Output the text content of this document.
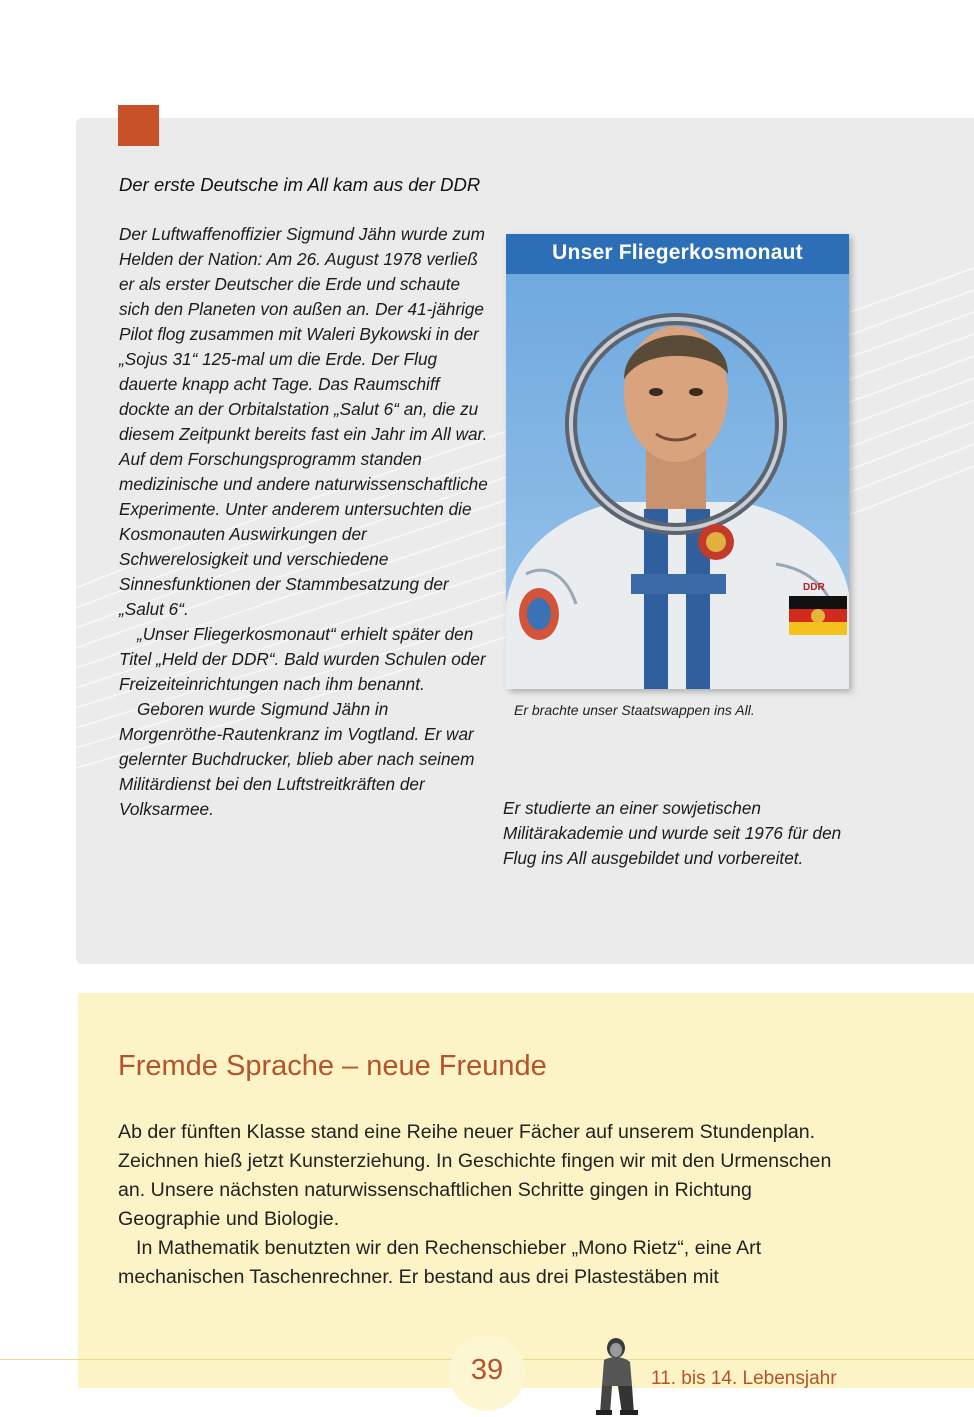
Der erste Deutsche im All kam aus der DDR

Der Luftwaffenoffizier Sigmund Jähn wurde zum Helden der Nation: Am 26. August 1978 verließ er als erster Deutscher die Erde und schaute sich den Planeten von außen an. Der 41-jährige Pilot flog zusammen mit Waleri Bykowski in der „Sojus 31“ 125-mal um die Erde. Der Flug dauerte knapp acht Tage. Das Raumschiff dockte an der Orbitalstation „Salut 6“ an, die zu diesem Zeitpunkt bereits fast ein Jahr im All war. Auf dem Forschungsprogramm standen medizinische und andere naturwissenschaftliche Experimente. Unter anderem untersuchten die Kosmonauten Auswirkungen der Schwerelosigkeit und verschiedene Sinnesfunktionen der Stammbesatzung der „Salut 6“.

„Unser Fliegerkosmonaut“ erhielt später den Titel „Held der DDR“. Bald wurden Schulen oder Freizeiteinrichtungen nach ihm benannt.

Geboren wurde Sigmund Jähn in Morgenröthe-Rautenkranz im Vogtland. Er war gelernter Buchdrucker, blieb aber nach seinem Militärdienst bei den Luftstreitkräften der Volksarmee.

Unser Fliegerkosmonaut
DDR

Er brachte unser Staatswappen ins All.

Er studierte an einer sowjetischen Militärakademie und wurde seit 1976 für den Flug ins All ausgebildet und vorbereitet.

Fremde Sprache – neue Freunde

Ab der fünften Klasse stand eine Reihe neuer Fächer auf unserem Stundenplan. Zeichnen hieß jetzt Kunsterziehung. In Geschichte fingen wir mit den Urmenschen an. Unsere nächsten naturwissenschaftlichen Schritte gingen in Richtung Geographie und Biologie.

In Mathematik benutzten wir den Rechenschieber „Mono Rietz“, eine Art mechanischen Taschenrechner. Er bestand aus drei Plastestäben mit

39	11. bis 14. Lebensjahr
